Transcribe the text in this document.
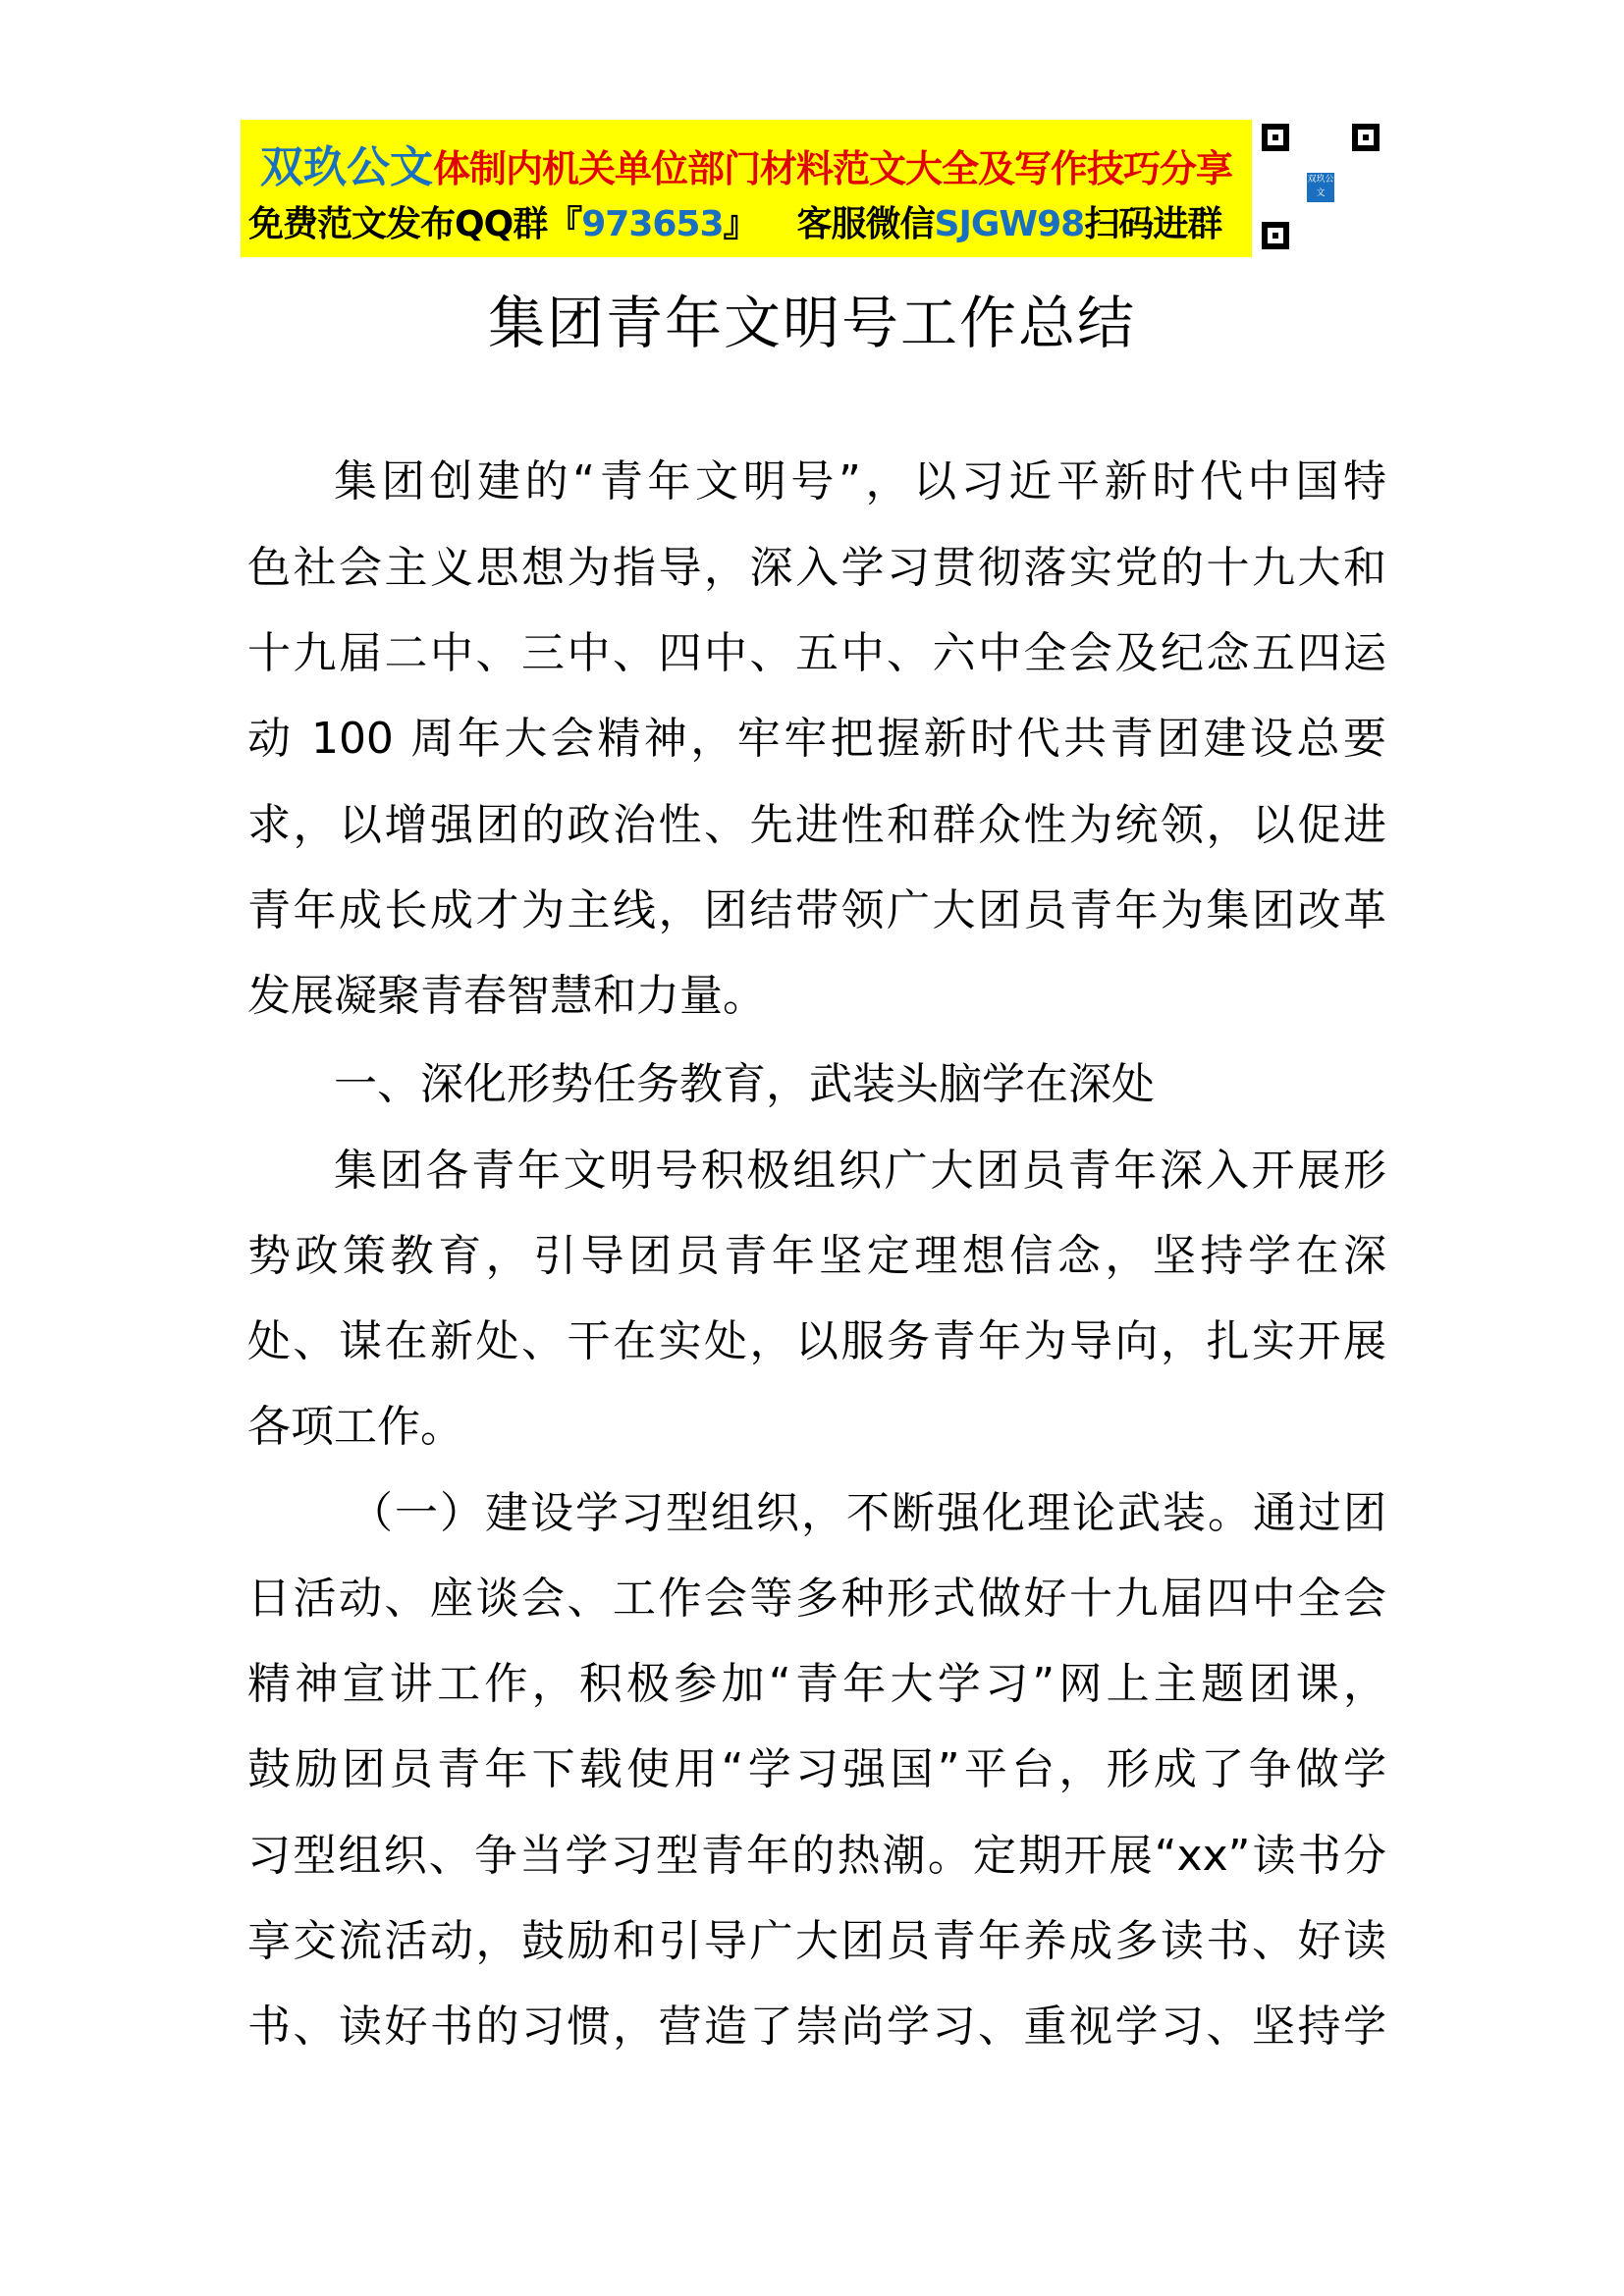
双玖公文体制内机关单位部门材料范文大全及写作技巧分享
免费范文发布QQ群『973653』 客服微信SJGW98扫码进群
双玖公文
集团青年文明号工作总结
集团创建的“青年文明号”，以习近平新时代中国特
色社会主义思想为指导，深入学习贯彻落实党的十九大和
十九届二中、三中、四中、五中、六中全会及纪念五四运
动 100 周年大会精神，牢牢把握新时代共青团建设总要
求，以增强团的政治性、先进性和群众性为统领，以促进
青年成长成才为主线，团结带领广大团员青年为集团改革
发展凝聚青春智慧和力量。
一、深化形势任务教育，武装头脑学在深处
集团各青年文明号积极组织广大团员青年深入开展形
势政策教育，引导团员青年坚定理想信念，坚持学在深
处、谋在新处、干在实处，以服务青年为导向，扎实开展
各项工作。
（一）建设学习型组织，不断强化理论武装。通过团
日活动、座谈会、工作会等多种形式做好十九届四中全会
精神宣讲工作，积极参加“青年大学习”网上主题团课，
鼓励团员青年下载使用“学习强国”平台，形成了争做学
习型组织、争当学习型青年的热潮。定期开展“xx”读书分
享交流活动，鼓励和引导广大团员青年养成多读书、好读
书、读好书的习惯，营造了崇尚学习、重视学习、坚持学
